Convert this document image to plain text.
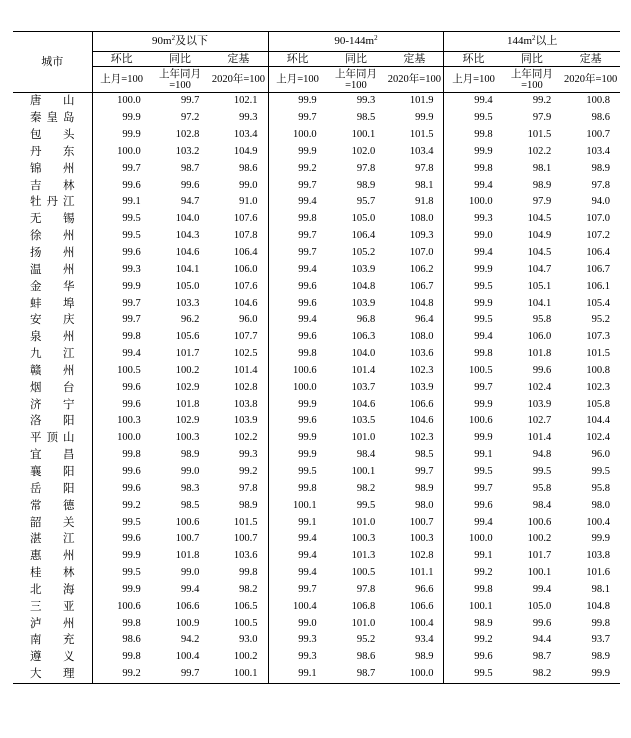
城市	$90m^2$及以下			$90-144m^2$			$144m^2$以上		
	环比	同比	定基	环比	同比	定基	环比	同比	定基
	上月=100	上年同月=100	2020年=100	上月=100	上年同月=100	2020年=100	上月=100	上年同月=100	2020年=100
唐山	100.0	99.7	102.1	99.9	99.3	101.9	99.4	99.2	100.8
秦皇岛	99.9	97.2	99.3	99.7	98.5	99.9	99.5	97.9	98.6
包头	99.9	102.8	103.4	100.0	100.1	101.5	99.8	101.5	100.7
丹东	100.0	103.2	104.9	99.9	102.0	103.4	99.9	102.2	103.4
锦州	99.7	98.7	98.6	99.2	97.8	97.8	99.8	98.1	98.9
吉林	99.6	99.6	99.0	99.7	98.9	98.1	99.4	98.9	97.8
牡丹江	99.1	94.7	91.0	99.4	95.7	91.8	100.0	97.9	94.0
无锡	99.5	104.0	107.6	99.8	105.0	108.0	99.3	104.5	107.0
徐州	99.5	104.3	107.8	99.7	106.4	109.3	99.0	104.9	107.2
扬州	99.6	104.6	106.4	99.7	105.2	107.0	99.4	104.5	106.4
温州	99.3	104.1	106.0	99.4	103.9	106.2	99.9	104.7	106.7
金华	99.9	105.0	107.6	99.6	104.8	106.7	99.5	105.1	106.1
蚌埠	99.7	103.3	104.6	99.6	103.9	104.8	99.9	104.1	105.4
安庆	99.7	96.2	96.0	99.4	96.8	96.4	99.5	95.8	95.2
泉州	99.8	105.6	107.7	99.6	106.3	108.0	99.4	106.0	107.3
九江	99.4	101.7	102.5	99.8	104.0	103.6	99.8	101.8	101.5
赣州	100.5	100.2	101.4	100.6	101.4	102.3	100.5	99.6	100.8
烟台	99.6	102.9	102.8	100.0	103.7	103.9	99.7	102.4	102.3
济宁	99.6	101.8	103.8	99.9	104.6	106.6	99.9	103.9	105.8
洛阳	100.3	102.9	103.9	99.6	103.5	104.6	100.6	102.7	104.4
平顶山	100.0	100.3	102.2	99.9	101.0	102.3	99.9	101.4	102.4
宜昌	99.8	98.9	99.3	99.9	98.4	98.5	99.1	94.8	96.0
襄阳	99.6	99.0	99.2	99.5	100.1	99.7	99.5	99.5	99.5
岳阳	99.6	98.3	97.8	99.8	98.2	98.9	99.7	95.8	95.8
常德	99.2	98.5	98.9	100.1	99.5	98.0	99.6	98.4	98.0
韶关	99.5	100.6	101.5	99.1	101.0	100.7	99.4	100.6	100.4
湛江	99.6	100.7	100.7	99.4	100.3	100.3	100.0	100.2	99.9
惠州	99.9	101.8	103.6	99.4	101.3	102.8	99.1	101.7	103.8
桂林	99.5	99.0	99.8	99.4	100.5	101.1	99.2	100.1	101.6
北海	99.9	99.4	98.2	99.7	97.8	96.6	99.8	99.4	98.1
三亚	100.6	106.6	106.5	100.4	106.8	106.6	100.1	105.0	104.8
泸州	99.8	100.9	100.5	99.0	101.0	100.4	98.9	99.6	99.8
南充	98.6	94.2	93.0	99.3	95.2	93.4	99.2	94.4	93.7
遵义	99.8	100.4	100.2	99.3	98.6	98.9	99.6	98.7	98.9
大理	99.2	99.7	100.1	99.1	98.7	100.0	99.5	98.2	99.9
